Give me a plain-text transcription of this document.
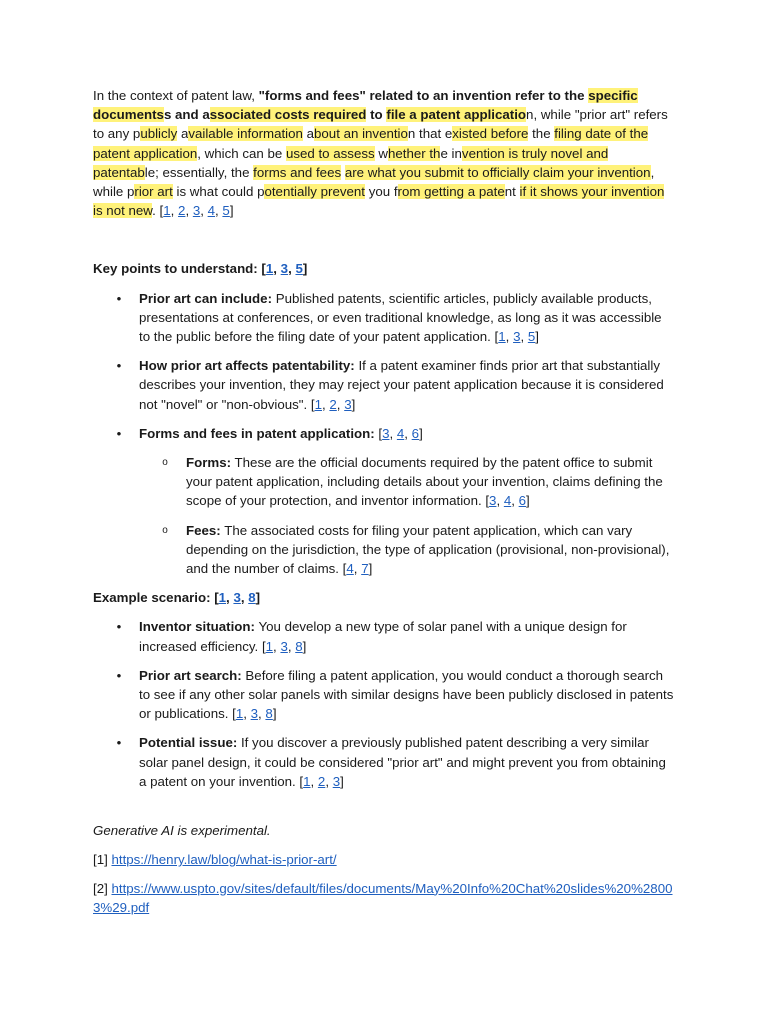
In the context of patent law, "forms and fees" related to an invention refer to the specific documentss and associated costs required to file a patent application, while "prior art" refers to any publicly available information about an invention that existed before the filing date of the patent application, which can be used to assess whether the invention is truly novel and patentable; essentially, the forms and fees are what you submit to officially claim your invention, while prior art is what could potentially prevent you from getting a patent if it shows your invention is not new. [1, 2, 3, 4, 5]

Key points to understand: [1, 3, 5]

• Prior art can include: Published patents, scientific articles, publicly available products, presentations at conferences, or even traditional knowledge, as long as it was accessible to the public before the filing date of your patent application. [1, 3, 5]
• How prior art affects patentability: If a patent examiner finds prior art that substantially describes your invention, they may reject your patent application because it is considered not "novel" or "non-obvious". [1, 2, 3]
• Forms and fees in patent application: [3, 4, 6]
o Forms: These are the official documents required by the patent office to submit your patent application, including details about your invention, claims defining the scope of your protection, and inventor information. [3, 4, 6]
o Fees: The associated costs for filing your patent application, which can vary depending on the jurisdiction, the type of application (provisional, non-provisional), and the number of claims. [4, 7]

Example scenario: [1, 3, 8]

• Inventor situation: You develop a new type of solar panel with a unique design for increased efficiency. [1, 3, 8]
• Prior art search: Before filing a patent application, you would conduct a thorough search to see if any other solar panels with similar designs have been publicly disclosed in patents or publications. [1, 3, 8]
• Potential issue: If you discover a previously published patent describing a very similar solar panel design, it could be considered "prior art" and might prevent you from obtaining a patent on your invention. [1, 2, 3]

Generative AI is experimental.

[1] https://henry.law/blog/what-is-prior-art/

[2] https://www.uspto.gov/sites/default/files/documents/May%20Info%20Chat%20slides%20%28003%29.pdf
